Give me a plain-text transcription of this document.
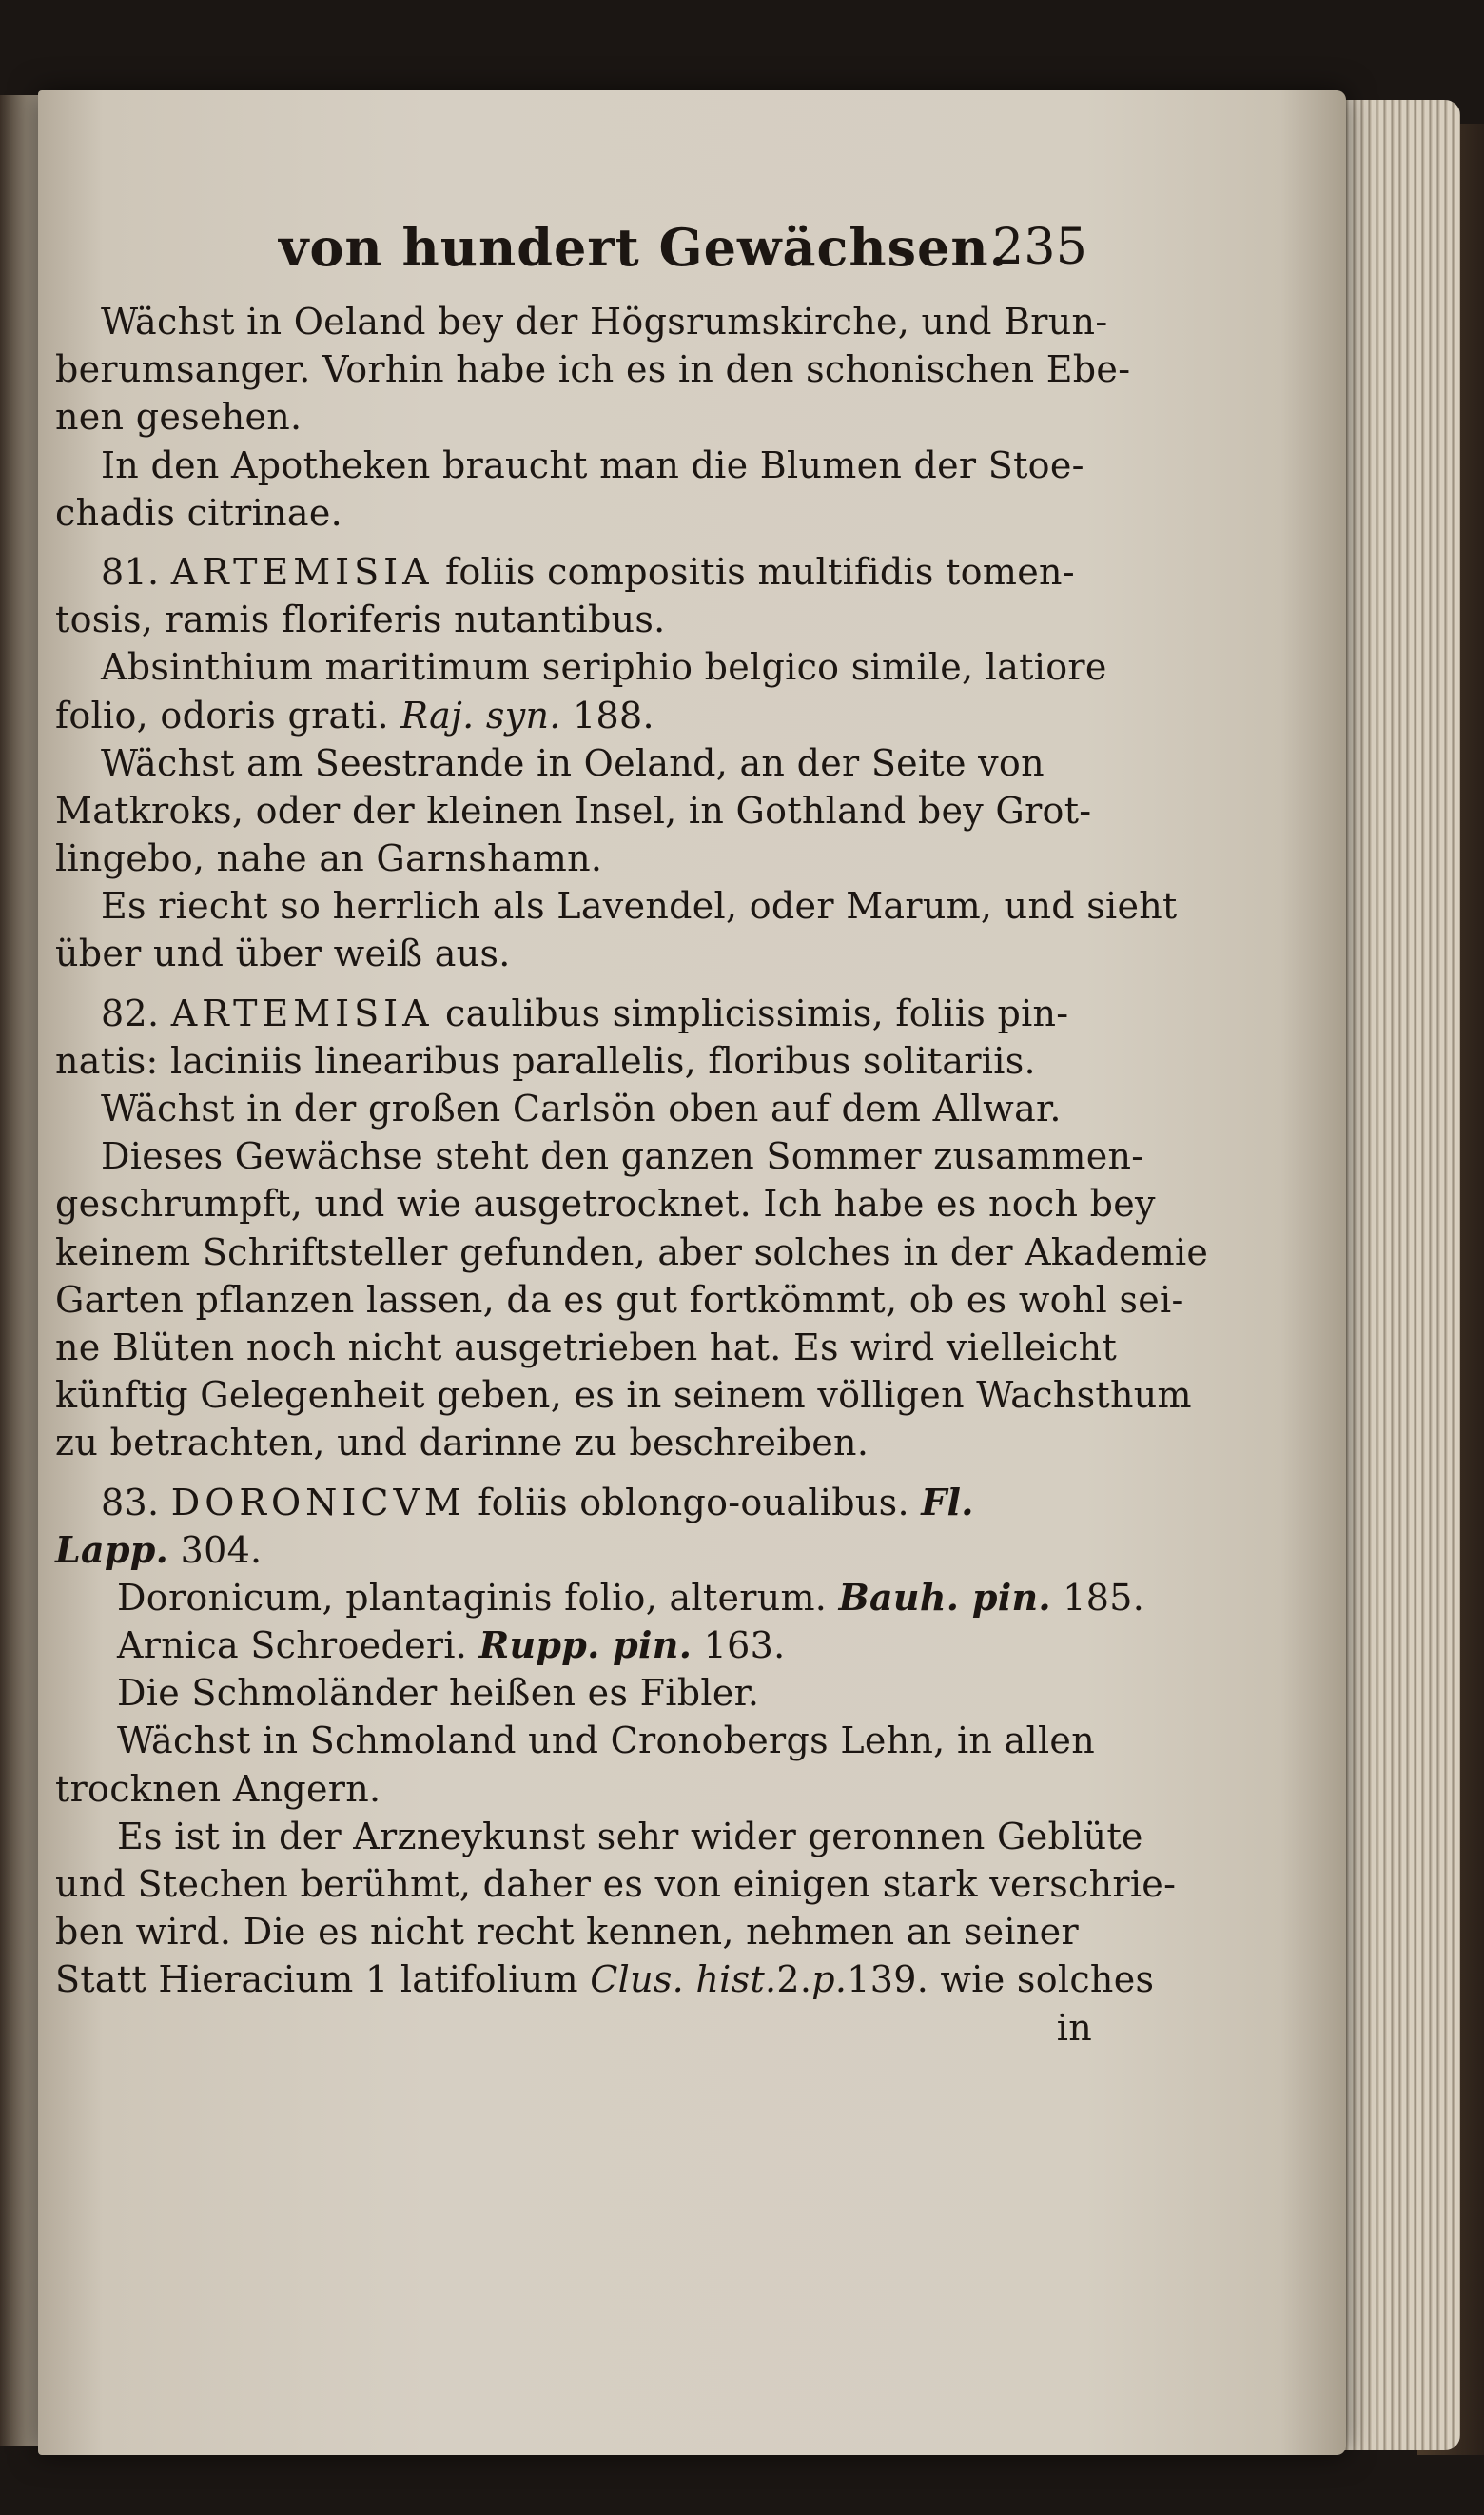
von hundert Gewächsen.
235
Wächst in Oeland bey der Högsrumskirche, und Brun-
berumsanger. Vorhin habe ich es in den schonischen Ebe-
nen gesehen.
In den Apotheken braucht man die Blumen der Stoe-
chadis citrinae.
81. ARTEMISIA foliis compositis multifidis tomen-
tosis, ramis floriferis nutantibus.
Absinthium maritimum seriphio belgico simile, latiore
folio, odoris grati. Raj. syn. 188.
Wächst am Seestrande in Oeland, an der Seite von
Matkroks, oder der kleinen Insel, in Gothland bey Grot-
lingebo, nahe an Garnshamn.
Es riecht so herrlich als Lavendel, oder Marum, und sieht
über und über weiß aus.
82. ARTEMISIA caulibus simplicissimis, foliis pin-
natis: laciniis linearibus parallelis, floribus solitariis.
Wächst in der großen Carlsön oben auf dem Allwar.
Dieses Gewächse steht den ganzen Sommer zusammen-
geschrumpft, und wie ausgetrocknet. Ich habe es noch bey
keinem Schriftsteller gefunden, aber solches in der Akademie
Garten pflanzen lassen, da es gut fortkömmt, ob es wohl sei-
ne Blüten noch nicht ausgetrieben hat. Es wird vielleicht
künftig Gelegenheit geben, es in seinem völligen Wachsthum
zu betrachten, und darinne zu beschreiben.
83. DORONICVM foliis oblongo-oualibus. Fl.
Lapp. 304.
Doronicum, plantaginis folio, alterum. Bauh. pin. 185.
Arnica Schroederi. Rupp. pin. 163.
Die Schmoländer heißen es Fibler.
Wächst in Schmoland und Cronobergs Lehn, in allen
trocknen Angern.
Es ist in der Arzneykunst sehr wider geronnen Geblüte
und Stechen berühmt, daher es von einigen stark verschrie-
ben wird. Die es nicht recht kennen, nehmen an seiner
Statt Hieracium 1 latifolium Clus. hist.2.p.139. wie solches
in
